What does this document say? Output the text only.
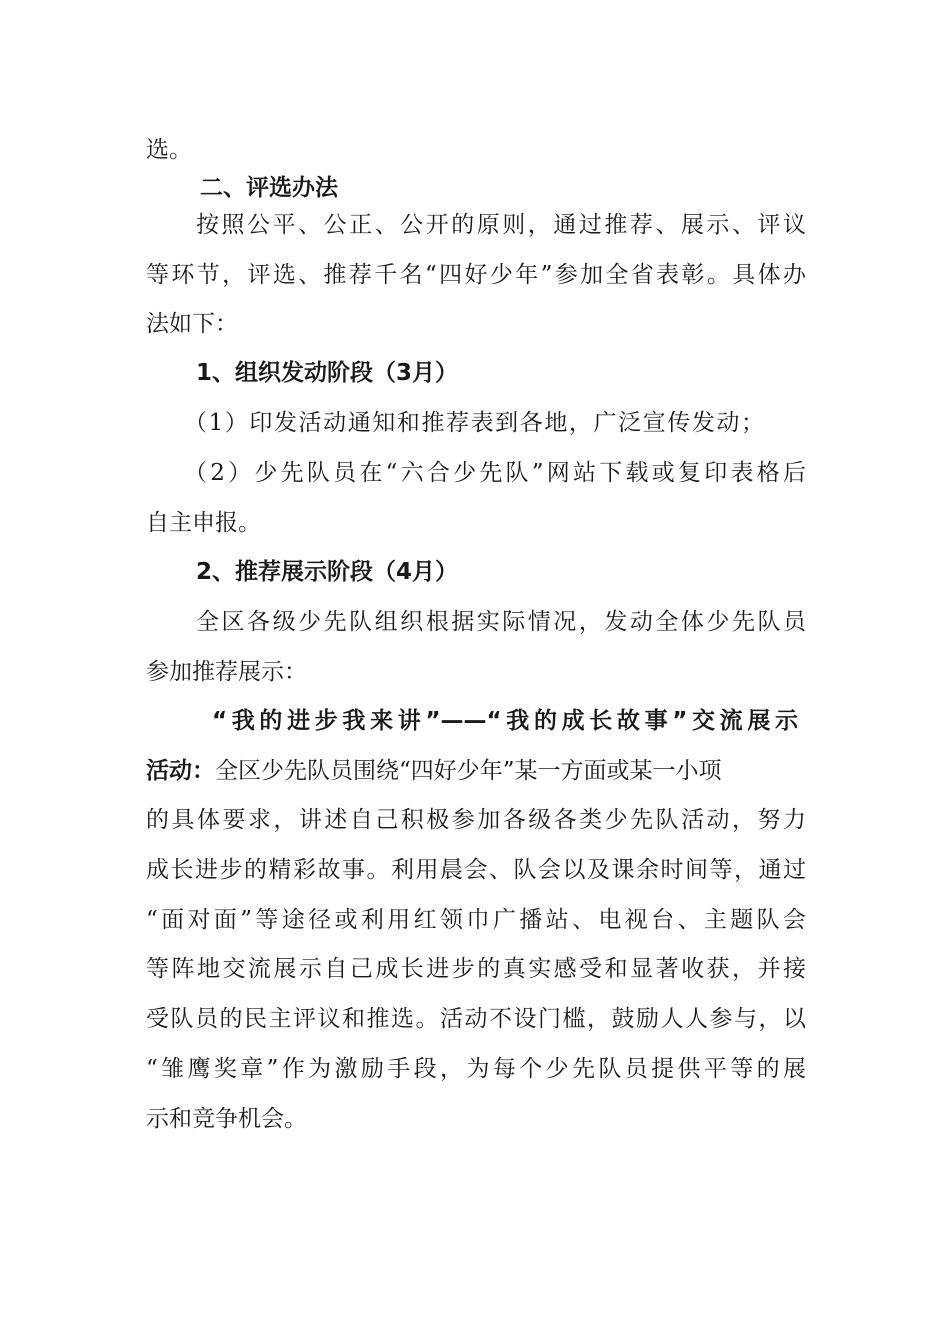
选。
二、评选办法
按照公平、公正、公开的原则，通过推荐、展示、评议
等环节，评选、推荐千名“四好少年”参加全省表彰。具体办
法如下：
1、组织发动阶段（3月）
（1）印发活动通知和推荐表到各地，广泛宣传发动；
（2）少先队员在“六合少先队”网站下载或复印表格后
自主申报。
2、推荐展示阶段（4月）
全区各级少先队组织根据实际情况，发动全体少先队员
参加推荐展示：
“我的进步我来讲”——“我的成长故事”交流展示
活动：全区少先队员围绕“四好少年”某一方面或某一小项
的具体要求，讲述自己积极参加各级各类少先队活动，努力
成长进步的精彩故事。利用晨会、队会以及课余时间等，通过
“面对面”等途径或利用红领巾广播站、电视台、主题队会
等阵地交流展示自己成长进步的真实感受和显著收获，并接
受队员的民主评议和推选。活动不设门槛，鼓励人人参与，以
“雏鹰奖章”作为激励手段，为每个少先队员提供平等的展
示和竞争机会。
